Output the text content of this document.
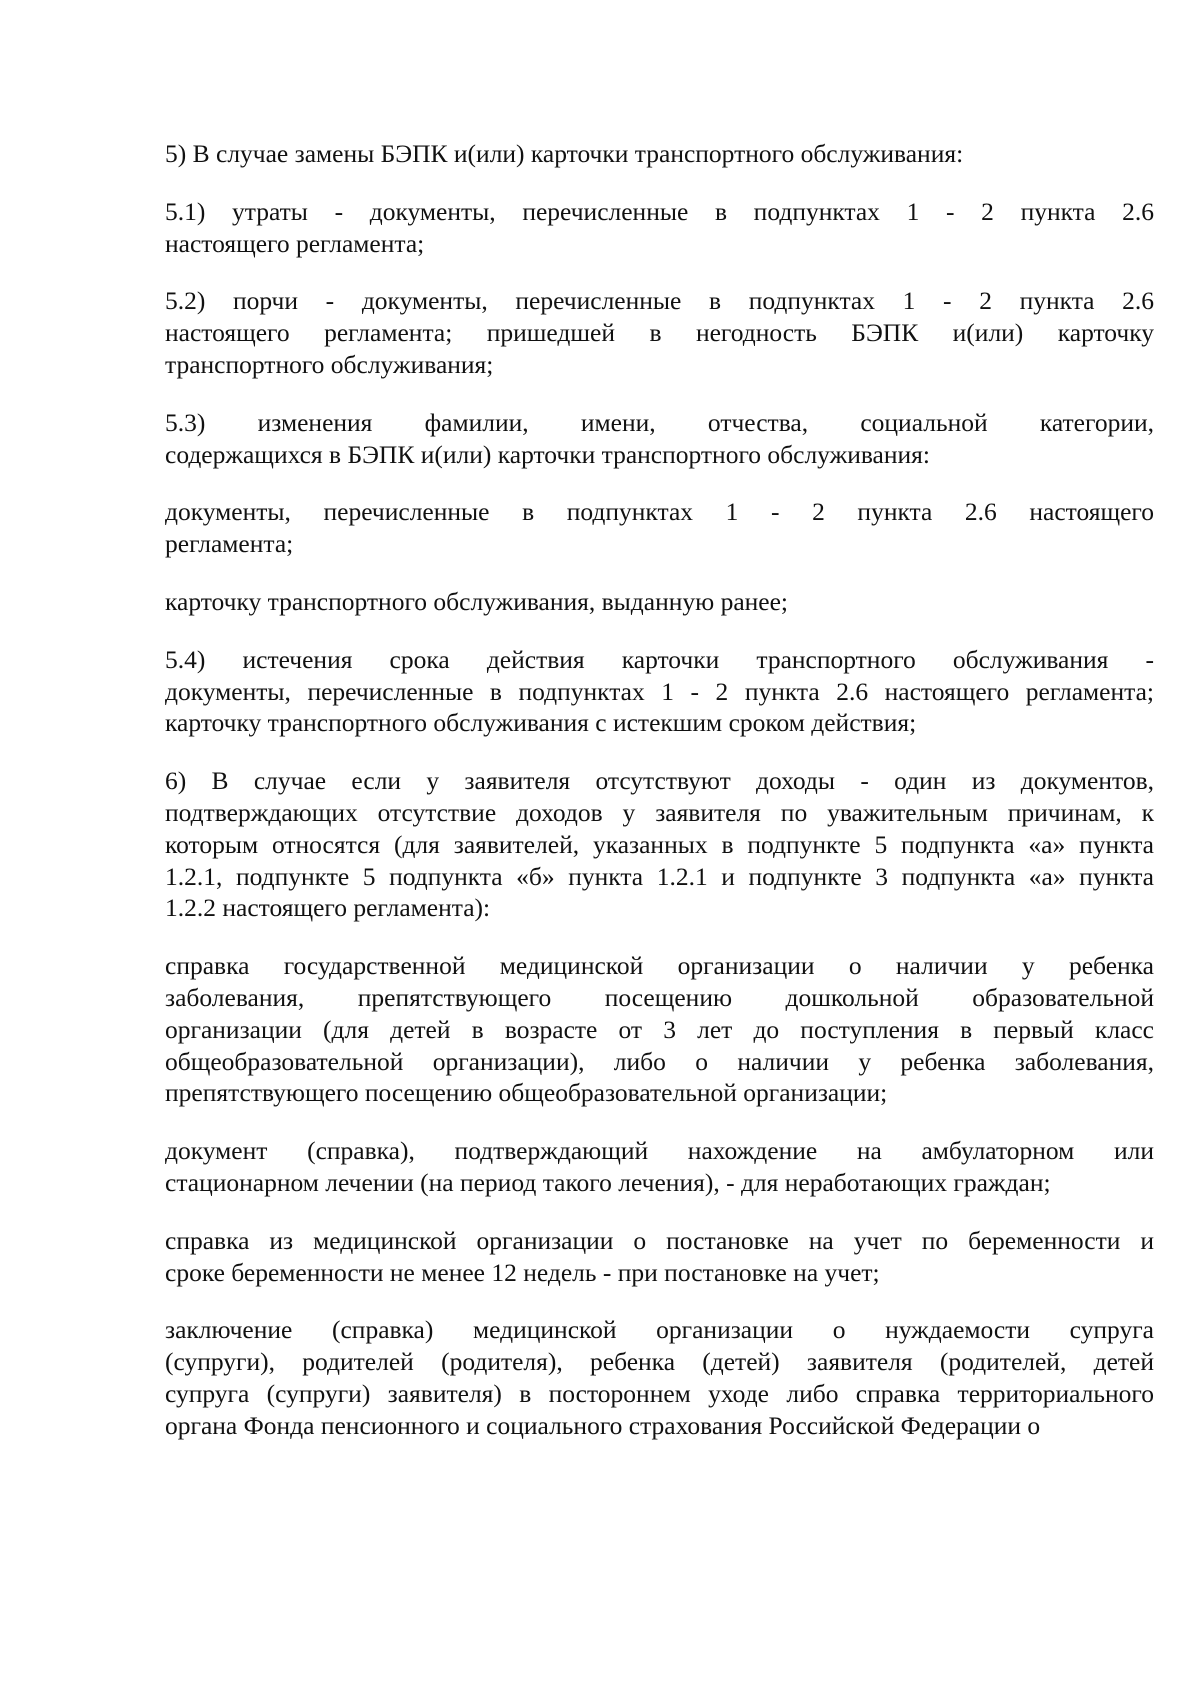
5) В случае замены БЭПК и(или) карточки транспортного обслуживания:

5.1) утраты - документы, перечисленные в подпунктах 1 - 2 пункта 2.6
настоящего регламента;

5.2) порчи - документы, перечисленные в подпунктах 1 - 2 пункта 2.6
настоящего регламента; пришедшей в негодность БЭПК и(или) карточку
транспортного обслуживания;

5.3) изменения фамилии, имени, отчества, социальной категории,
содержащихся в БЭПК и(или) карточки транспортного обслуживания:

документы, перечисленные в подпунктах 1 - 2 пункта 2.6 настоящего
регламента;

карточку транспортного обслуживания, выданную ранее;

5.4) истечения срока действия карточки транспортного обслуживания -
документы, перечисленные в подпунктах 1 - 2 пункта 2.6 настоящего регламента;
карточку транспортного обслуживания с истекшим сроком действия;

6) В случае если у заявителя отсутствуют доходы - один из документов,
подтверждающих отсутствие доходов у заявителя по уважительным причинам, к
которым относятся (для заявителей, указанных в подпункте 5 подпункта «а» пункта
1.2.1, подпункте 5 подпункта «б» пункта 1.2.1 и подпункте 3 подпункта «а» пункта
1.2.2 настоящего регламента):

справка государственной медицинской организации о наличии у ребенка
заболевания, препятствующего посещению дошкольной образовательной
организации (для детей в возрасте от 3 лет до поступления в первый класс
общеобразовательной организации), либо о наличии у ребенка заболевания,
препятствующего посещению общеобразовательной организации;

документ (справка), подтверждающий нахождение на амбулаторном или
стационарном лечении (на период такого лечения), - для неработающих граждан;

справка из медицинской организации о постановке на учет по беременности и
сроке беременности не менее 12 недель - при постановке на учет;

заключение (справка) медицинской организации о нуждаемости супруга
(супруги), родителей (родителя), ребенка (детей) заявителя (родителей, детей
супруга (супруги) заявителя) в постороннем уходе либо справка территориального
органа Фонда пенсионного и социального страхования Российской Федерации о
